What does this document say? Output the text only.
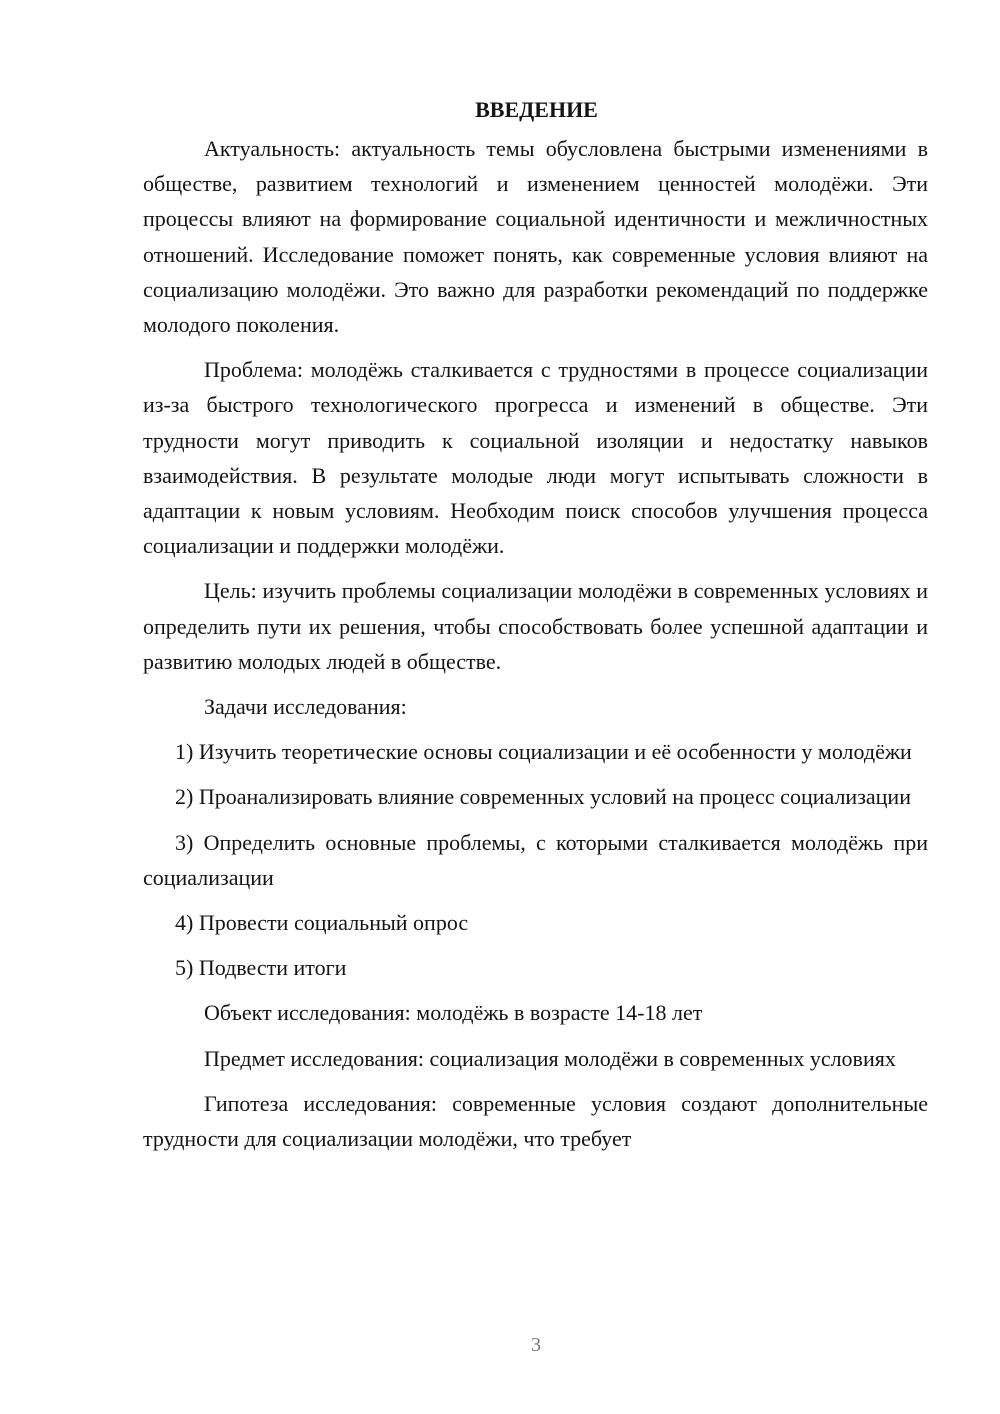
ВВЕДЕНИЕ

Актуальность: актуальность темы обусловлена быстрыми изменениями в обществе, развитием технологий и изменением ценностей молодёжи. Эти процессы влияют на формирование социальной идентичности и межличностных отношений. Исследование поможет понять, как современные условия влияют на социализацию молодёжи. Это важно для разработки рекомендаций по поддержке молодого поколения.

Проблема: молодёжь сталкивается с трудностями в процессе социализации из-за быстрого технологического прогресса и изменений в обществе. Эти трудности могут приводить к социальной изоляции и недостатку навыков взаимодействия. В результате молодые люди могут испытывать сложности в адаптации к новым условиям. Необходим поиск способов улучшения процесса социализации и поддержки молодёжи.

Цель: изучить проблемы социализации молодёжи в современных условиях и определить пути их решения, чтобы способствовать более успешной адаптации и развитию молодых людей в обществе.

Задачи исследования:

1) Изучить теоретические основы социализации и её особенности у молодёжи

2) Проанализировать влияние современных условий на процесс социализации

3) Определить основные проблемы, с которыми сталкивается молодёжь при социализации

4) Провести социальный опрос

5) Подвести итоги

Объект исследования: молодёжь в возрасте 14-18 лет

Предмет исследования: социализация молодёжи в современных условиях

Гипотеза исследования: современные условия создают дополнительные трудности для социализации молодёжи, что требует

3
